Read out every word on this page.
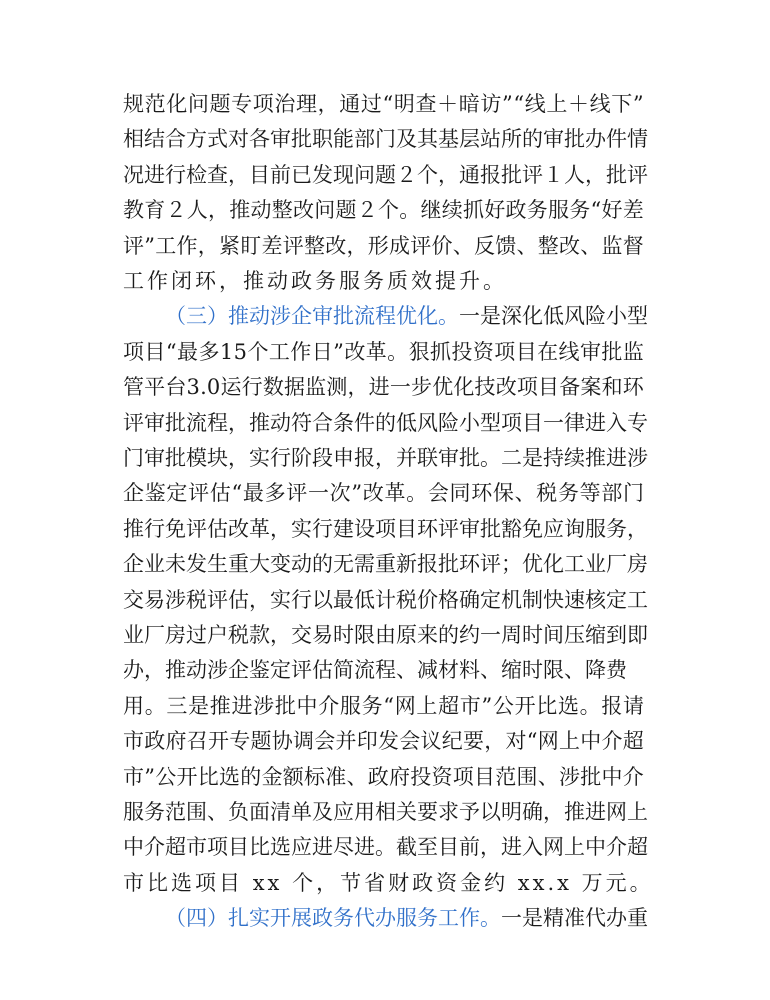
规 范 化 问 题 专 项 治 理 ， 通 过 “ 明 查 ＋ 暗 访 ” “ 线 上 ＋ 线 下 ”
相 结 合 方 式 对 各 审 批 职 能 部 门 及 其 基 层 站 所 的 审 批 办 件 情
况 进 行 检 查 ， 目 前 已 发 现 问 题 ２ 个 ， 通 报 批 评 １ 人 ， 批 评
教 育 ２ 人 ， 推 动 整 改 问 题 ２ 个 。 继 续 抓 好 政 务 服 务 “ 好 差
评 ” 工 作 ， 紧 盯 差 评 整 改 ， 形 成 评 价 、 反 馈 、 整 改 、 监 督
工 作 闭 环 ， 推 动 政 务 服 务 质 效 提 升 。
（ 三 ） 推 动 涉 企 审 批 流 程 优 化 。 一 是 深 化 低 风 险 小 型
项 目 “ 最 多 1 5 个 工 作 日 ” 改 革 。 狠 抓 投 资 项 目 在 线 审 批 监
管 平 台 3 . 0 运 行 数 据 监 测 ， 进 一 步 优 化 技 改 项 目 备 案 和 环
评 审 批 流 程 ， 推 动 符 合 条 件 的 低 风 险 小 型 项 目 一 律 进 入 专
门 审 批 模 块 ， 实 行 阶 段 申 报 ， 并 联 审 批 。 二 是 持 续 推 进 涉
企 鉴 定 评 估 “ 最 多 评 一 次 ” 改 革 。 会 同 环 保 、 税 务 等 部 门
推 行 免 评 估 改 革 ， 实 行 建 设 项 目 环 评 审 批 豁 免 应 询 服 务 ，
企 业 未 发 生 重 大 变 动 的 无 需 重 新 报 批 环 评 ； 优 化 工 业 厂 房
交 易 涉 税 评 估 ， 实 行 以 最 低 计 税 价 格 确 定 机 制 快 速 核 定 工
业 厂 房 过 户 税 款 ， 交 易 时 限 由 原 来 的 约 一 周 时 间 压 缩 到 即
办 ， 推 动 涉 企 鉴 定 评 估 简 流 程 、 减 材 料 、 缩 时 限 、 降 费
用 。 三 是 推 进 涉 批 中 介 服 务 “ 网 上 超 市 ” 公 开 比 选 。 报 请
市 政 府 召 开 专 题 协 调 会 并 印 发 会 议 纪 要 ， 对 “ 网 上 中 介 超
市 ” 公 开 比 选 的 金 额 标 准 、 政 府 投 资 项 目 范 围 、 涉 批 中 介
服 务 范 围 、 负 面 清 单 及 应 用 相 关 要 求 予 以 明 确 ， 推 进 网 上
中 介 超 市 项 目 比 选 应 进 尽 进 。 截 至 目 前 ， 进 入 网 上 中 介 超
市 比 选 项 目
x x
个 ， 节 省 财 政 资 金 约
x x . x
万 元 。
（ 四 ） 扎 实 开 展 政 务 代 办 服 务 工 作 。 一 是 精 准 代 办 重
